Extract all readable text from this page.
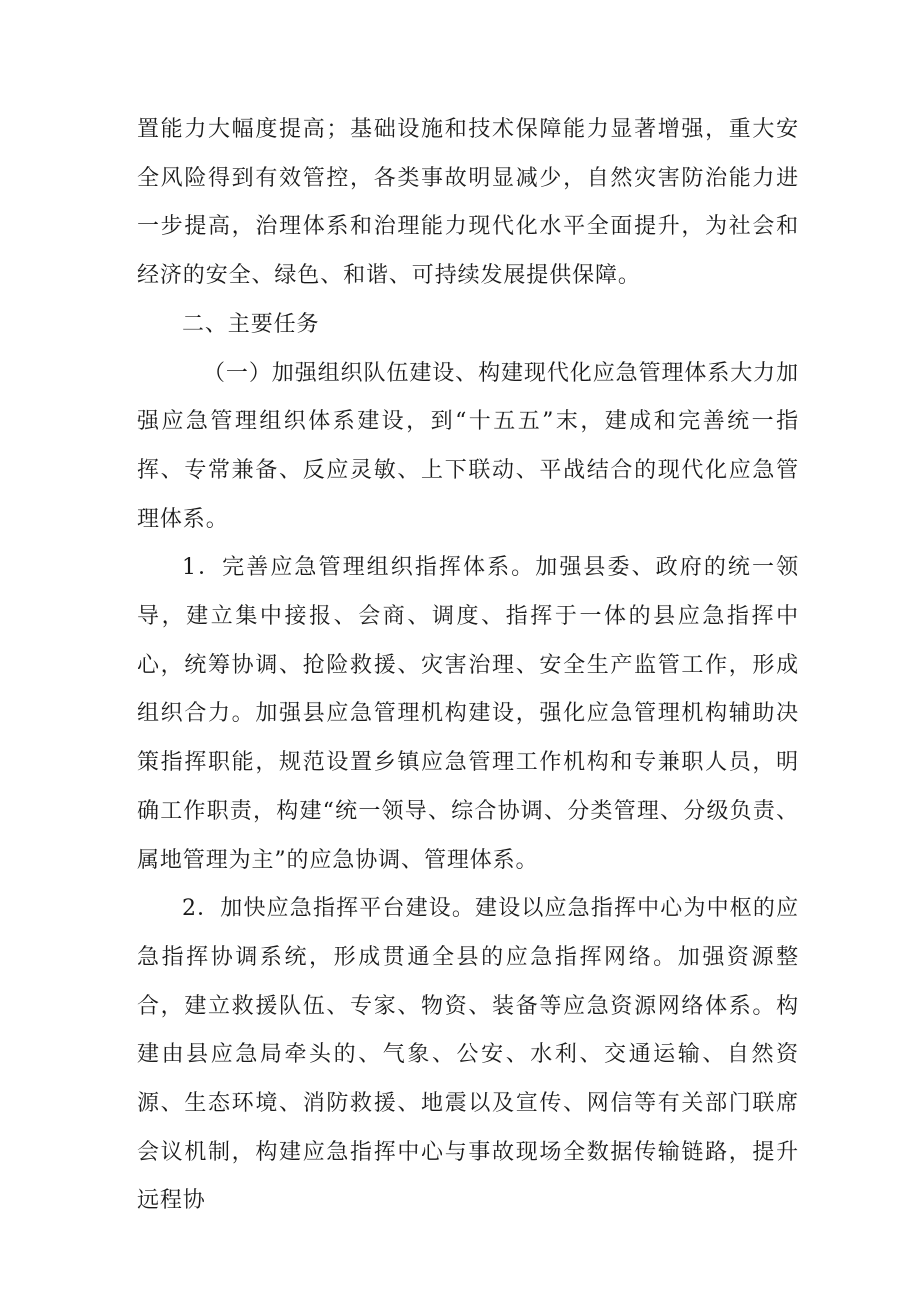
置能力大幅度提高；基础设施和技术保障能力显著增强，重大安全风险得到有效管控，各类事故明显减少，自然灾害防治能力进一步提高，治理体系和治理能力现代化水平全面提升，为社会和经济的安全、绿色、和谐、可持续发展提供保障。

二、主要任务

（一）加强组织队伍建设、构建现代化应急管理体系大力加强应急管理组织体系建设，到“十五五”末，建成和完善统一指挥、专常兼备、反应灵敏、上下联动、平战结合的现代化应急管理体系。

1．完善应急管理组织指挥体系。加强县委、政府的统一领导，建立集中接报、会商、调度、指挥于一体的县应急指挥中心，统筹协调、抢险救援、灾害治理、安全生产监管工作，形成组织合力。加强县应急管理机构建设，强化应急管理机构辅助决策指挥职能，规范设置乡镇应急管理工作机构和专兼职人员，明确工作职责，构建“统一领导、综合协调、分类管理、分级负责、属地管理为主”的应急协调、管理体系。

2．加快应急指挥平台建设。建设以应急指挥中心为中枢的应急指挥协调系统，形成贯通全县的应急指挥网络。加强资源整合，建立救援队伍、专家、物资、装备等应急资源网络体系。构建由县应急局牵头的、气象、公安、水利、交通运输、自然资源、生态环境、消防救援、地震以及宣传、网信等有关部门联席会议机制，构建应急指挥中心与事故现场全数据传输链路，提升远程协
